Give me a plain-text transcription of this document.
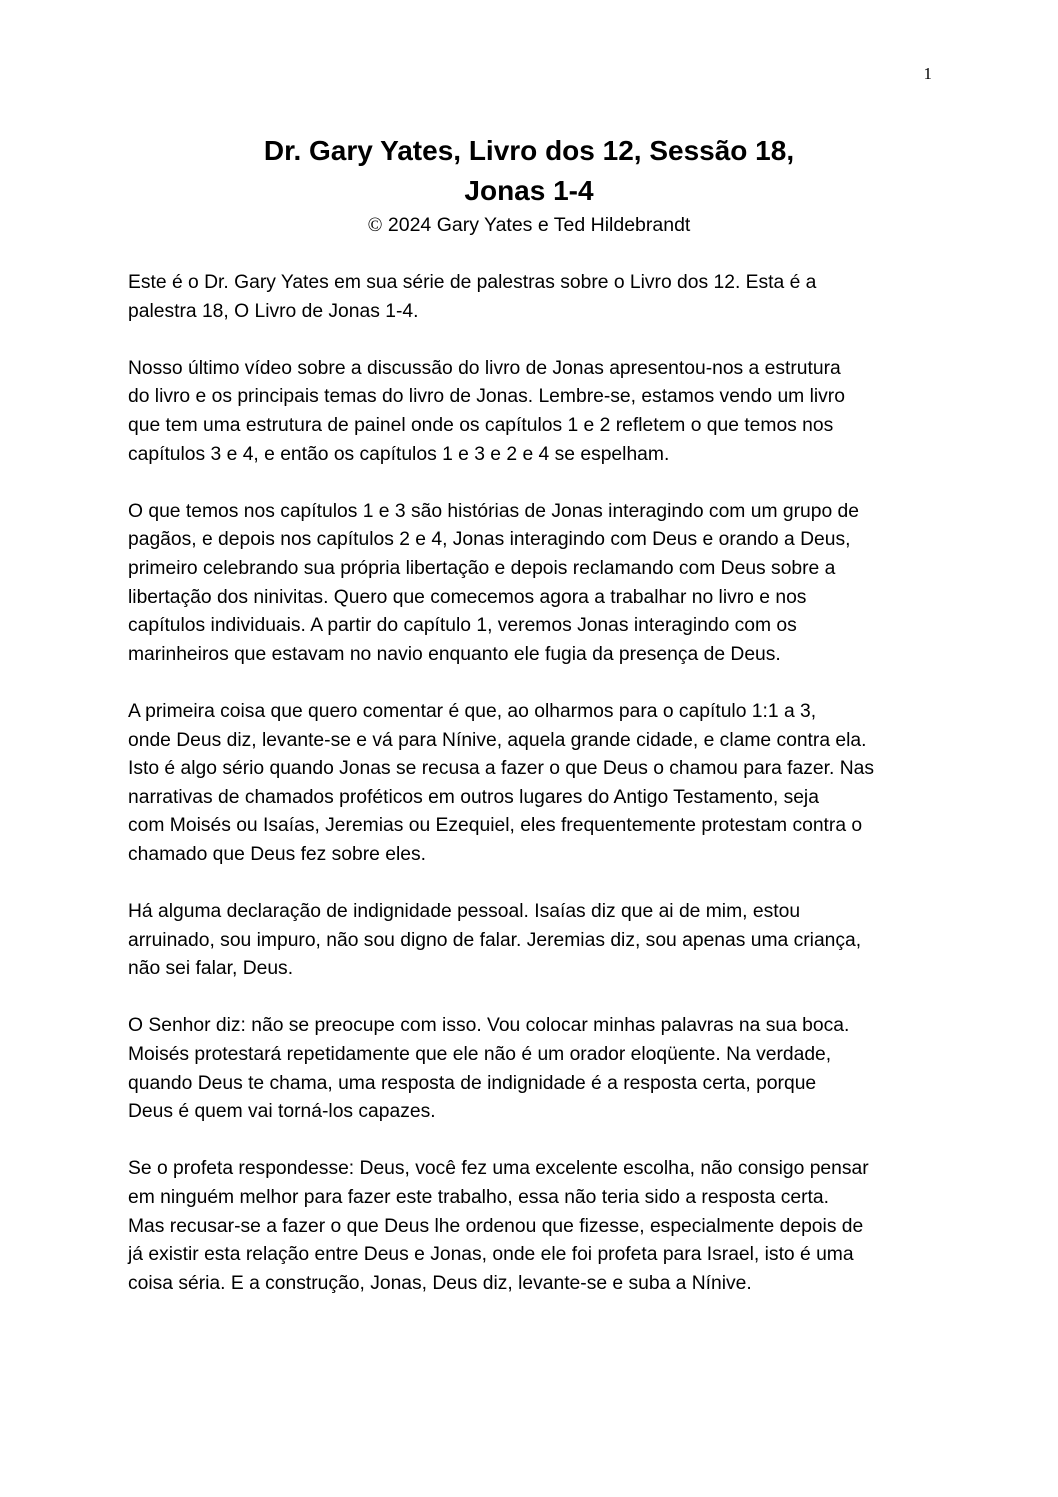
1
Dr. Gary Yates, Livro dos 12, Sessão 18,
Jonas 1-4
© 2024 Gary Yates e Ted Hildebrandt

Este é o Dr. Gary Yates em sua série de palestras sobre o Livro dos 12. Esta é a
palestra 18, O Livro de Jonas 1-4.

Nosso último vídeo sobre a discussão do livro de Jonas apresentou-nos a estrutura
do livro e os principais temas do livro de Jonas. Lembre-se, estamos vendo um livro
que tem uma estrutura de painel onde os capítulos 1 e 2 refletem o que temos nos
capítulos 3 e 4, e então os capítulos 1 e 3 e 2 e 4 se espelham.

O que temos nos capítulos 1 e 3 são histórias de Jonas interagindo com um grupo de
pagãos, e depois nos capítulos 2 e 4, Jonas interagindo com Deus e orando a Deus,
primeiro celebrando sua própria libertação e depois reclamando com Deus sobre a
libertação dos ninivitas. Quero que comecemos agora a trabalhar no livro e nos
capítulos individuais. A partir do capítulo 1, veremos Jonas interagindo com os
marinheiros que estavam no navio enquanto ele fugia da presença de Deus.

A primeira coisa que quero comentar é que, ao olharmos para o capítulo 1:1 a 3,
onde Deus diz, levante-se e vá para Nínive, aquela grande cidade, e clame contra ela.
Isto é algo sério quando Jonas se recusa a fazer o que Deus o chamou para fazer. Nas
narrativas de chamados proféticos em outros lugares do Antigo Testamento, seja
com Moisés ou Isaías, Jeremias ou Ezequiel, eles frequentemente protestam contra o
chamado que Deus fez sobre eles.

Há alguma declaração de indignidade pessoal. Isaías diz que ai de mim, estou
arruinado, sou impuro, não sou digno de falar. Jeremias diz, sou apenas uma criança,
não sei falar, Deus.

O Senhor diz: não se preocupe com isso. Vou colocar minhas palavras na sua boca.
Moisés protestará repetidamente que ele não é um orador eloqüente. Na verdade,
quando Deus te chama, uma resposta de indignidade é a resposta certa, porque
Deus é quem vai torná-los capazes.

Se o profeta respondesse: Deus, você fez uma excelente escolha, não consigo pensar
em ninguém melhor para fazer este trabalho, essa não teria sido a resposta certa.
Mas recusar-se a fazer o que Deus lhe ordenou que fizesse, especialmente depois de
já existir esta relação entre Deus e Jonas, onde ele foi profeta para Israel, isto é uma
coisa séria. E a construção, Jonas, Deus diz, levante-se e suba a Nínive.
